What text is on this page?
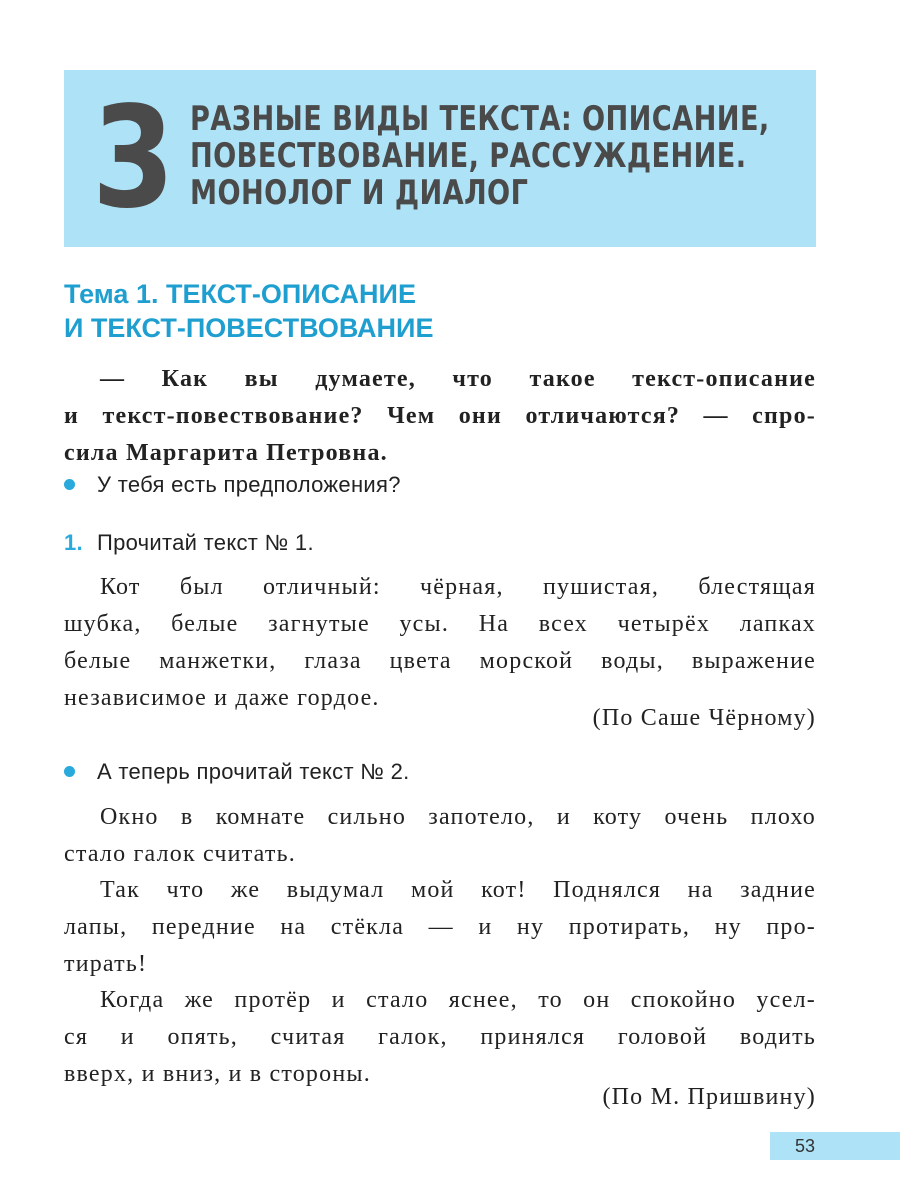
3 РАЗНЫЕ ВИДЫ ТЕКСТА: ОПИСАНИЕ,
ПОВЕСТВОВАНИЕ, РАССУЖДЕНИЕ.
МОНОЛОГ И ДИАЛОГ
Тема 1. ТЕКСТ-ОПИСАНИЕ
И ТЕКСТ-ПОВЕСТВОВАНИЕ
— Как вы думаете, что такое текст-описание
и текст-повествование? Чем они отличаются? — спро-
сила Маргарита Петровна.
У тебя есть предположения?
1. Прочитай текст № 1.
Кот был отличный: чёрная, пушистая, блестящая
шубка, белые загнутые усы. На всех четырёх лапках
белые манжетки, глаза цвета морской воды, выражение
независимое и даже гордое.
(По Саше Чёрному)
А теперь прочитай текст № 2.
Окно в комнате сильно запотело, и коту очень плохо
стало галок считать.
Так что же выдумал мой кот! Поднялся на задние
лапы, передние на стёкла — и ну протирать, ну про-
тирать!
Когда же протёр и стало яснее, то он спокойно усел-
ся и опять, считая галок, принялся головой водить
вверх, и вниз, и в стороны.
(По М. Пришвину)
53
